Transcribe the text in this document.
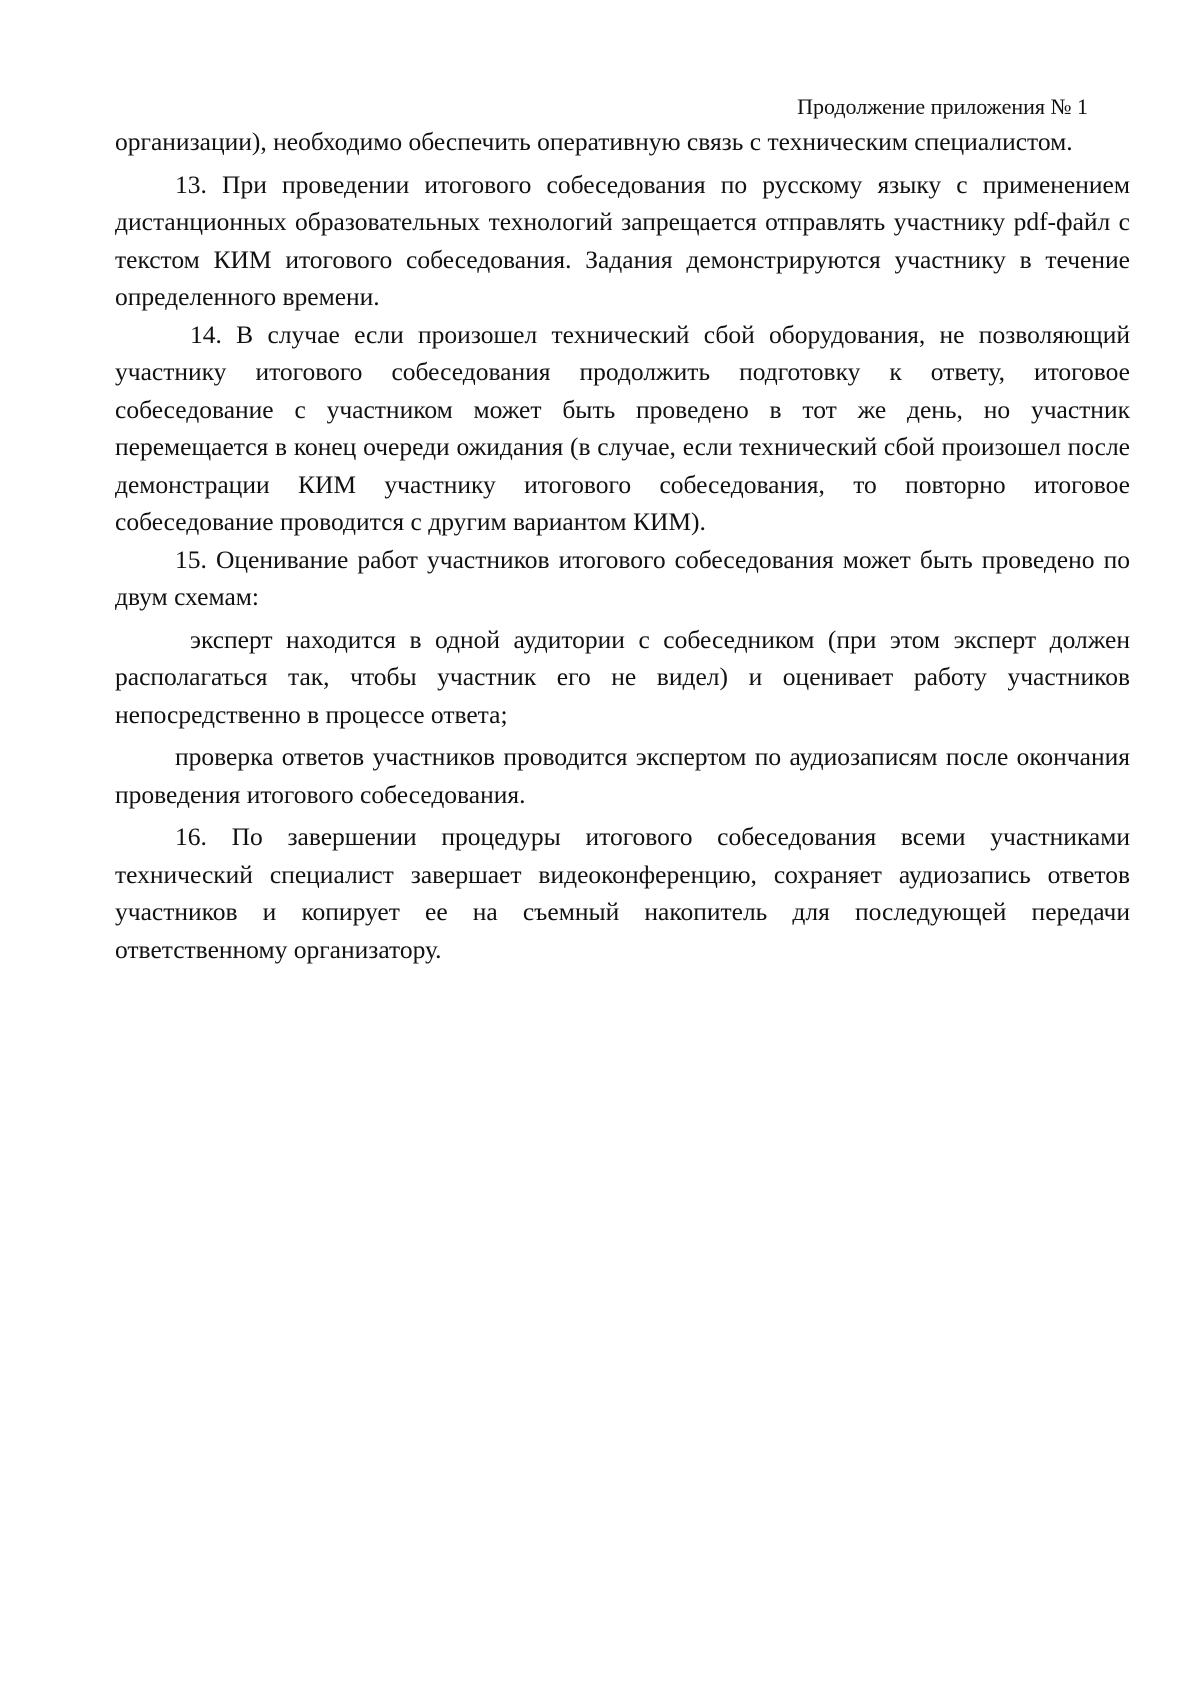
Продолжение приложения № 1

организации), необходимо обеспечить оперативную связь с техническим специалистом.

13. При проведении итогового собеседования по русскому языку с применением дистанционных образовательных технологий запрещается отправлять участнику pdf-файл с текстом КИМ итогового собеседования. Задания демонстрируются участнику в течение определенного времени.

14. В случае если произошел технический сбой оборудования, не позволяющий участнику итогового собеседования продолжить подготовку к ответу, итоговое собеседование с участником может быть проведено в тот же день, но участник перемещается в конец очереди ожидания (в случае, если технический сбой произошел после демонстрации КИМ участнику итогового собеседования, то повторно итоговое собеседование проводится с другим вариантом КИМ).

15. Оценивание работ участников итогового собеседования может быть проведено по двум схемам:

эксперт находится в одной аудитории с собеседником (при этом эксперт должен располагаться так, чтобы участник его не видел) и оценивает работу участников непосредственно в процессе ответа;

проверка ответов участников проводится экспертом по аудиозаписям после окончания проведения итогового собеседования.

16. По завершении процедуры итогового собеседования всеми участниками технический специалист завершает видеоконференцию, сохраняет аудиозапись ответов участников и копирует ее на съемный накопитель для последующей передачи ответственному организатору.
